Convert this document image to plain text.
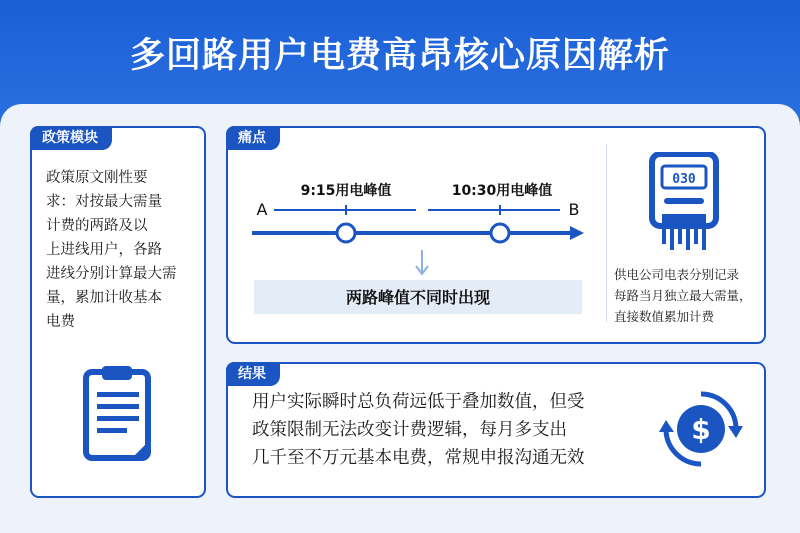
多回路用户电费高昂核心原因解析
政策模块
政策原文刚性要
求：对按最大需量
计费的两路及以
上进线用户，各路
进线分别计算最大需
量，累加计收基本
电费
痛点
9:15用电峰值	10:30用电峰值
A	B
两路峰值不同时出现
030
供电公司电表分别记录
每路当月独立最大需量，
直接数值累加计费
结果
用户实际瞬时总负荷远低于叠加数值，但受
政策限制无法改变计费逻辑，每月多支出
几千至不万元基本电费，常规申报沟通无效
$
